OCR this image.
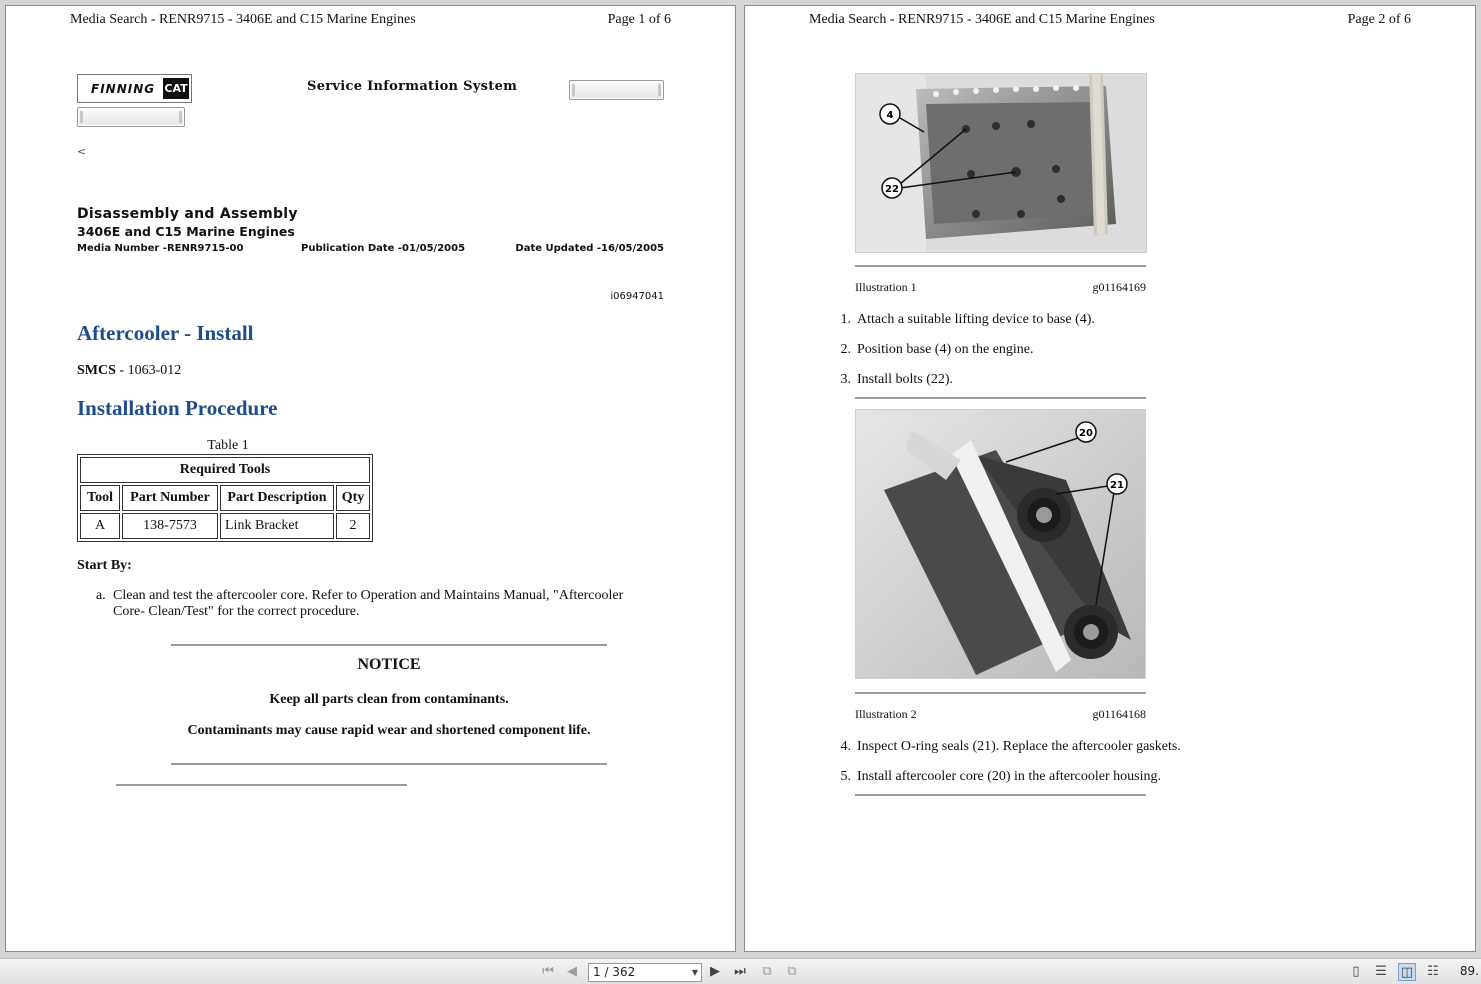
Media Search - RENR9715 - 3406E and C15 Marine Engines	Page 1 of 6
FINNING CAT	Service Information System
<
Disassembly and Assembly
3406E and C15 Marine Engines
Media Number -RENR9715-00	Publication Date -01/05/2005	Date Updated -16/05/2005
i06947041
Aftercooler - Install
SMCS - 1063-012
Installation Procedure
Table 1
Required Tools			
Tool	Part Number	Part Description	Qty
A	138-7573	Link Bracket	2
Start By:
a. Clean and test the aftercooler core. Refer to Operation and Maintains Manual, "Aftercooler Core- Clean/Test" for the correct procedure.
NOTICE
Keep all parts clean from contaminants.
Contaminants may cause rapid wear and shortened component life.
Media Search - RENR9715 - 3406E and C15 Marine Engines	Page 2 of 6
4
22
Illustration 1	g01164169
1. Attach a suitable lifting device to base (4).
2. Position base (4) on the engine.
3. Install bolts (22).
20
21
Illustration 2	g01164168
4. Inspect O-ring seals (21). Replace the aftercooler gaskets.
5. Install aftercooler core (20) in the aftercooler housing.
⏮	◀	1 / 362	▼ ▶	⏭	⧉	⧉	▯	☰ ◫ ☷ 89.
